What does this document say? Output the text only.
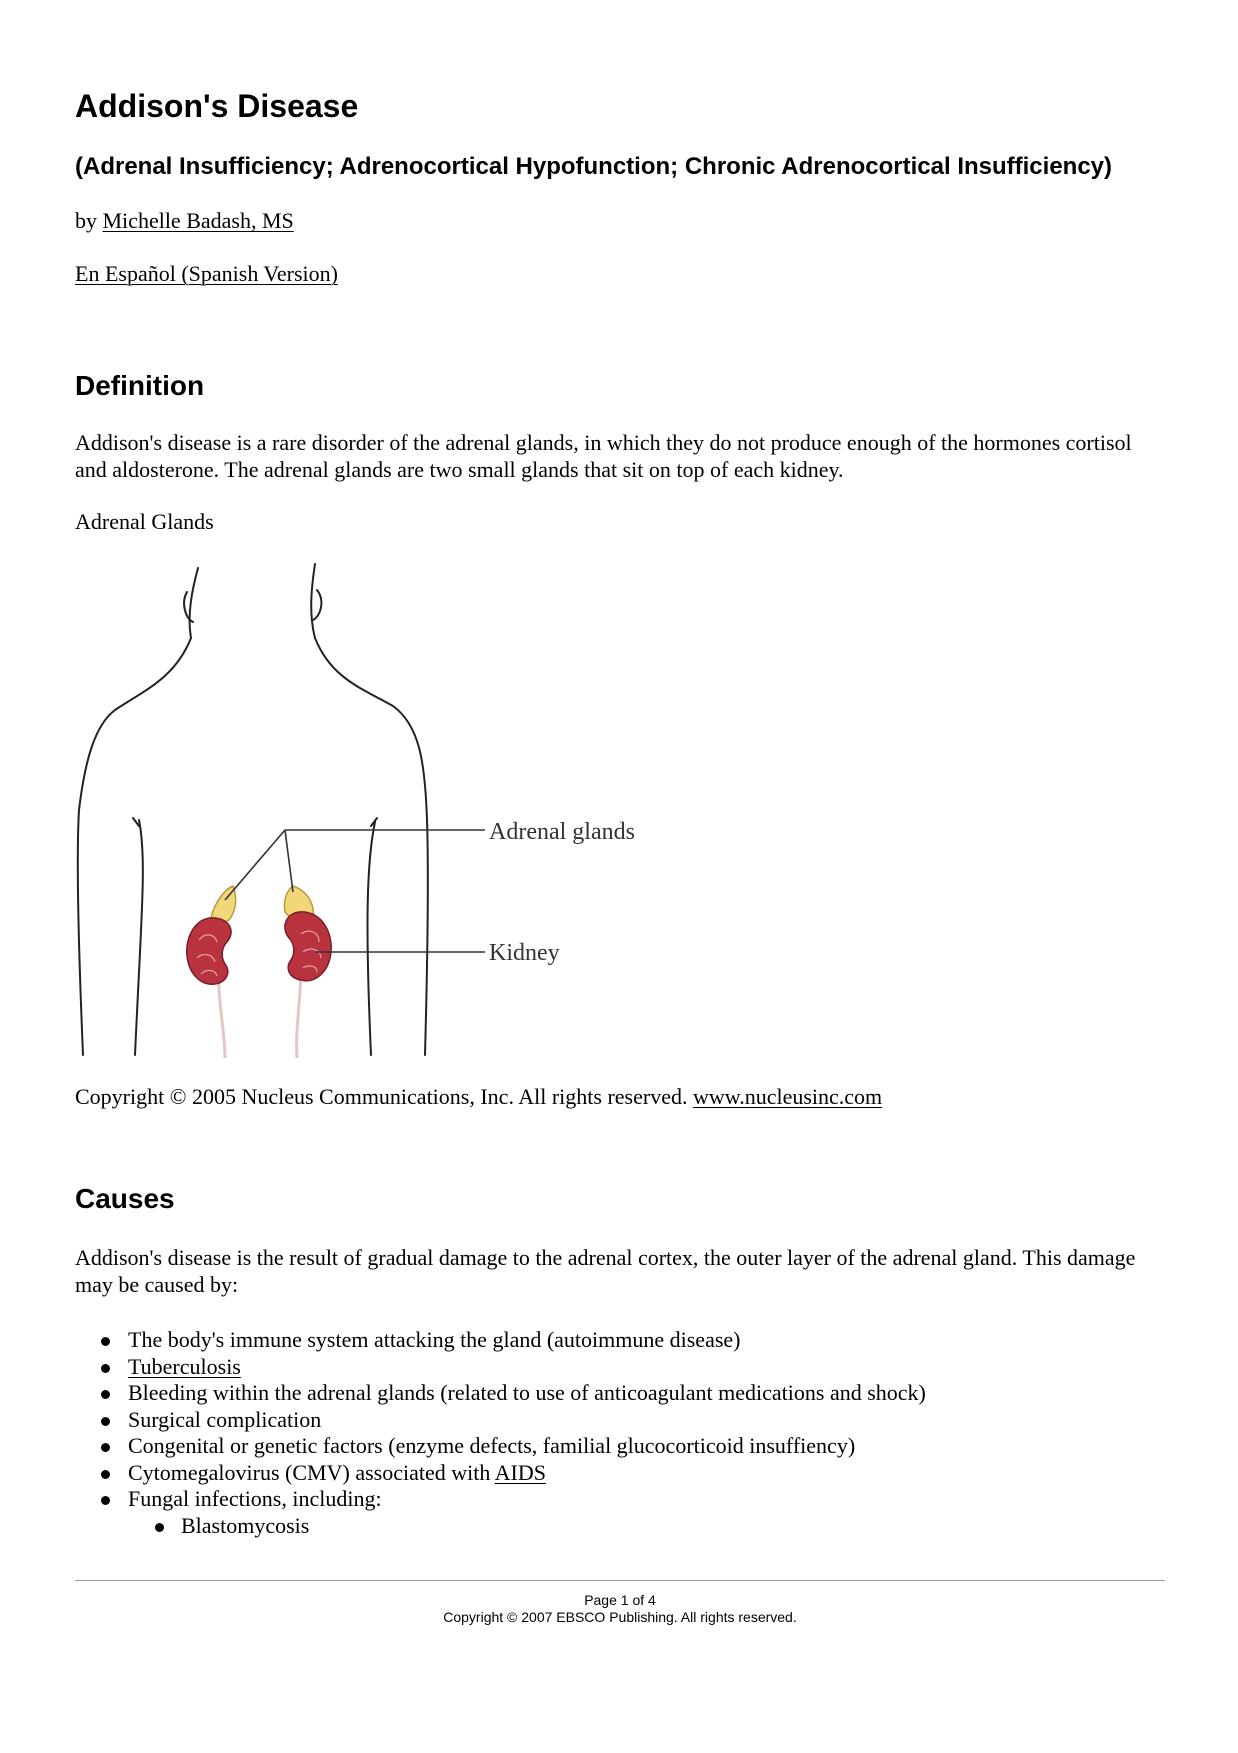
Addison's Disease
(Adrenal Insufficiency; Adrenocortical Hypofunction; Chronic Adrenocortical Insufficiency)

by Michelle Badash, MS

En Español (Spanish Version)

Definition

Addison's disease is a rare disorder of the adrenal glands, in which they do not produce enough of the hormones cortisol and aldosterone. The adrenal glands are two small glands that sit on top of each kidney.

Adrenal Glands

Adrenal glands
Kidney
Copyright © 2005 Nucleus Communications, Inc. All rights reserved. www.nucleusinc.com
Causes

Addison's disease is the result of gradual damage to the adrenal cortex, the outer layer of the adrenal gland. This damage may be caused by:

The body's immune system attacking the gland (autoimmune disease)
Tuberculosis
Bleeding within the adrenal glands (related to use of anticoagulant medications and shock)
Surgical complication
Congenital or genetic factors (enzyme defects, familial glucocorticoid insuffiency)
Cytomegalovirus (CMV) associated with AIDS
Fungal infections, including:
Blastomycosis
Page 1 of 4
Copyright © 2007 EBSCO Publishing. All rights reserved.
